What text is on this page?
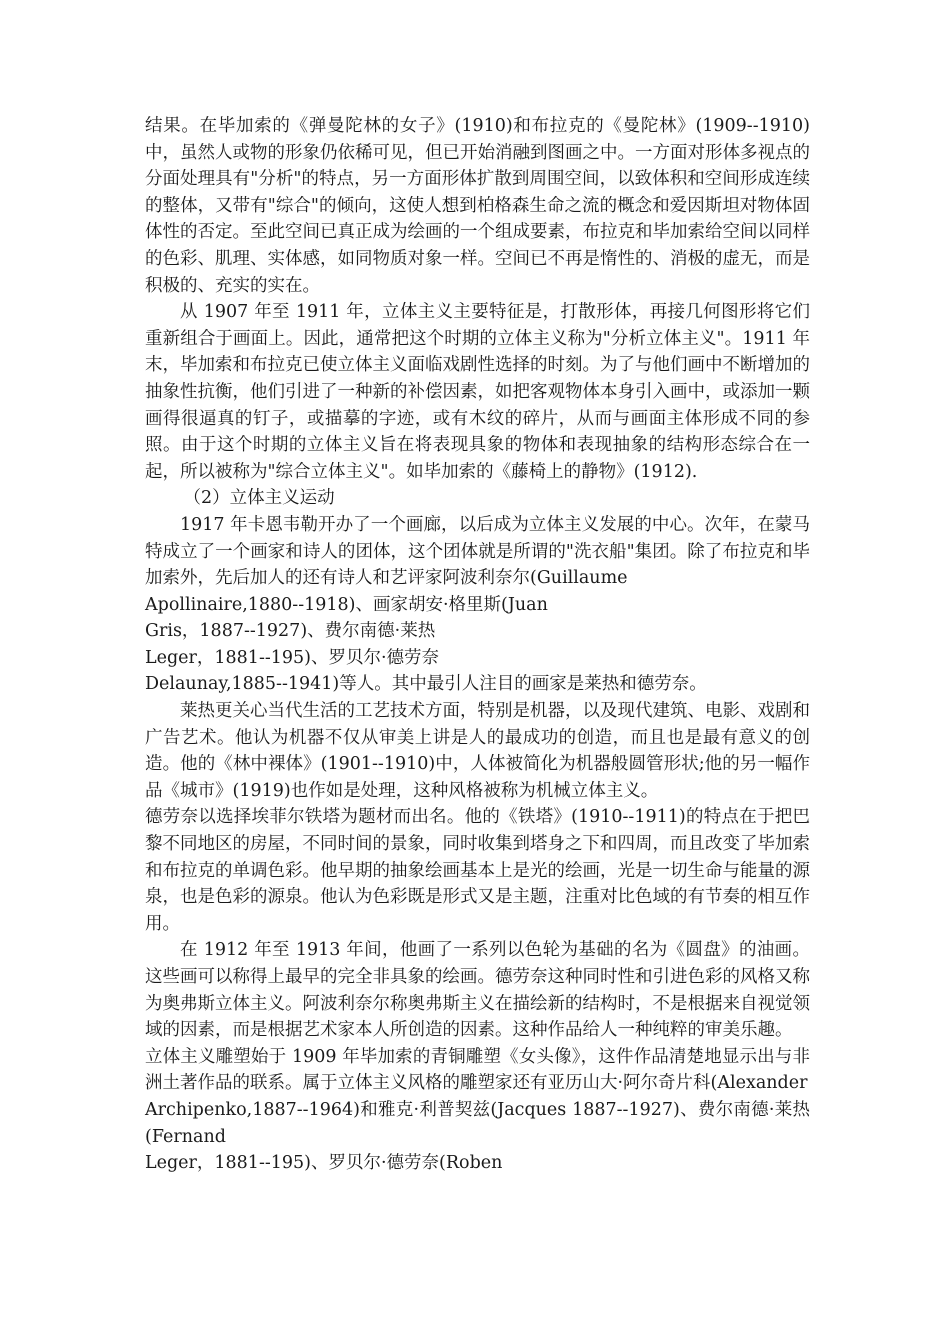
结果。在毕加索的《弹曼陀林的女子》(1910)和布拉克的《曼陀林》(1909--1910)中，虽然人或物的形象仍依稀可见，但已开始消融到图画之中。一方面对形体多视点的分面处理具有"分析"的特点，另一方面形体扩散到周围空间，以致体积和空间形成连续的整体，又带有"综合"的倾向，这使人想到柏格森生命之流的概念和爱因斯坦对物体固体性的否定。至此空间已真正成为绘画的一个组成要素，布拉克和毕加索给空间以同样的色彩、肌理、实体感，如同物质对象一样。空间已不再是惰性的、消极的虚无，而是积极的、充实的实在。

从 1907 年至 1911 年，立体主义主要特征是，打散形体，再接几何图形将它们重新组合于画面上。因此，通常把这个时期的立体主义称为"分析立体主义"。1911 年末，毕加索和布拉克已使立体主义面临戏剧性选择的时刻。为了与他们画中不断增加的抽象性抗衡，他们引进了一种新的补偿因素，如把客观物体本身引入画中，或添加一颗画得很逼真的钉子，或描摹的字迹，或有木纹的碎片，从而与画面主体形成不同的参照。由于这个时期的立体主义旨在将表现具象的物体和表现抽象的结构形态综合在一起，所以被称为"综合立体主义"。如毕加索的《藤椅上的静物》(1912).

（2）立体主义运动

1917 年卡恩韦勒开办了一个画廊，以后成为立体主义发展的中心。次年，在蒙马特成立了一个画家和诗人的团体，这个团体就是所谓的"洗衣船"集团。除了布拉克和毕加索外，先后加人的还有诗人和艺评家阿波利奈尔(Guillaume

Apollinaire,1880--1918)、画家胡安·格里斯(Juan

Gris，1887--1927)、费尔南德·莱热

Leger，1881--195)、罗贝尔·德劳奈

Delaunay,1885--1941)等人。其中最引人注目的画家是莱热和德劳奈。

莱热更关心当代生活的工艺技术方面，特别是机器，以及现代建筑、电影、戏剧和广告艺术。他认为机器不仅从审美上讲是人的最成功的创造，而且也是最有意义的创造。他的《林中裸体》(1901--1910)中，人体被简化为机器般圆管形状;他的另一幅作品《城市》(1919)也作如是处理，这种风格被称为机械立体主义。

德劳奈以选择埃菲尔铁塔为题材而出名。他的《铁塔》(1910--1911)的特点在于把巴黎不同地区的房屋，不同时间的景象，同时收集到塔身之下和四周，而且改变了毕加索和布拉克的单调色彩。他早期的抽象绘画基本上是光的绘画，光是一切生命与能量的源泉，也是色彩的源泉。他认为色彩既是形式又是主题，注重对比色域的有节奏的相互作用。

在 1912 年至 1913 年间，他画了一系列以色轮为基础的名为《圆盘》的油画。这些画可以称得上最早的完全非具象的绘画。德劳奈这种同时性和引进色彩的风格又称为奥弗斯立体主义。阿波利奈尔称奥弗斯主义在描绘新的结构时，不是根据来自视觉领域的因素，而是根据艺术家本人所创造的因素。这种作品给人一种纯粹的审美乐趣。

立体主义雕塑始于 1909 年毕加索的青铜雕塑《女头像》，这件作品清楚地显示出与非洲土著作品的联系。属于立体主义风格的雕塑家还有亚历山大·阿尔奇片科(Alexander

Archipenko,1887--1964)和雅克·利普契兹(Jacques 1887--1927)、费尔南德·莱热(Fernand

Leger，1881--195)、罗贝尔·德劳奈(Roben
